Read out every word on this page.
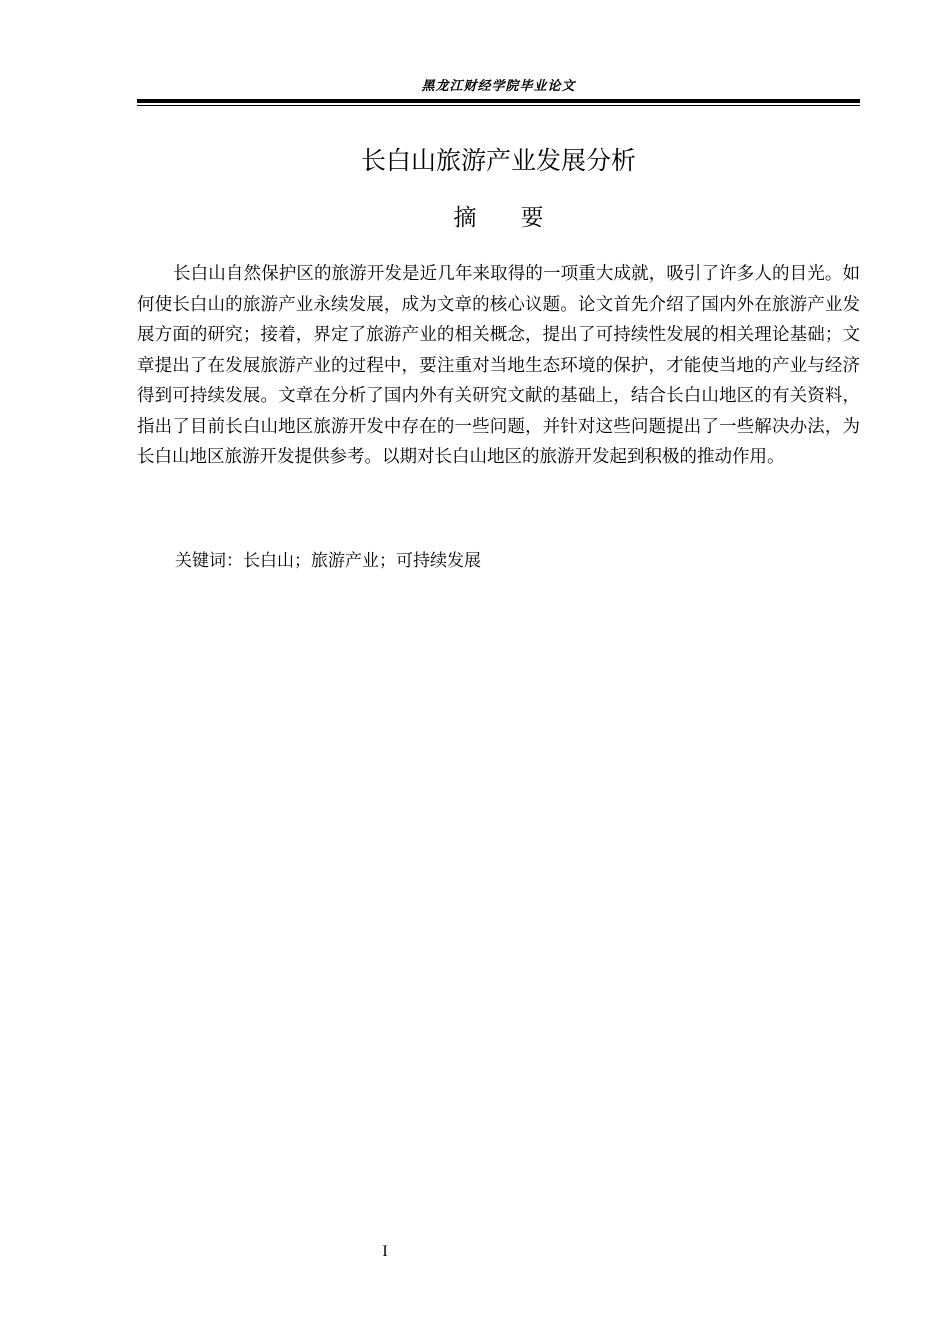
黑龙江财经学院毕业论文
长白山旅游产业发展分析
摘要

长白山自然保护区的旅游开发是近几年来取得的一项重大成就，吸引了许多人的目光。如何使长白山的旅游产业永续发展，成为文章的核心议题。论文首先介绍了国内外在旅游产业发展方面的研究；接着，界定了旅游产业的相关概念，提出了可持续性发展的相关理论基础；文章提出了在发展旅游产业的过程中，要注重对当地生态环境的保护，才能使当地的产业与经济得到可持续发展。文章在分析了国内外有关研究文献的基础上，结合长白山地区的有关资料，指出了目前长白山地区旅游开发中存在的一些问题，并针对这些问题提出了一些解决办法，为长白山地区旅游开发提供参考。以期对长白山地区的旅游开发起到积极的推动作用。

关键词：长白山；旅游产业；可持续发展
I
